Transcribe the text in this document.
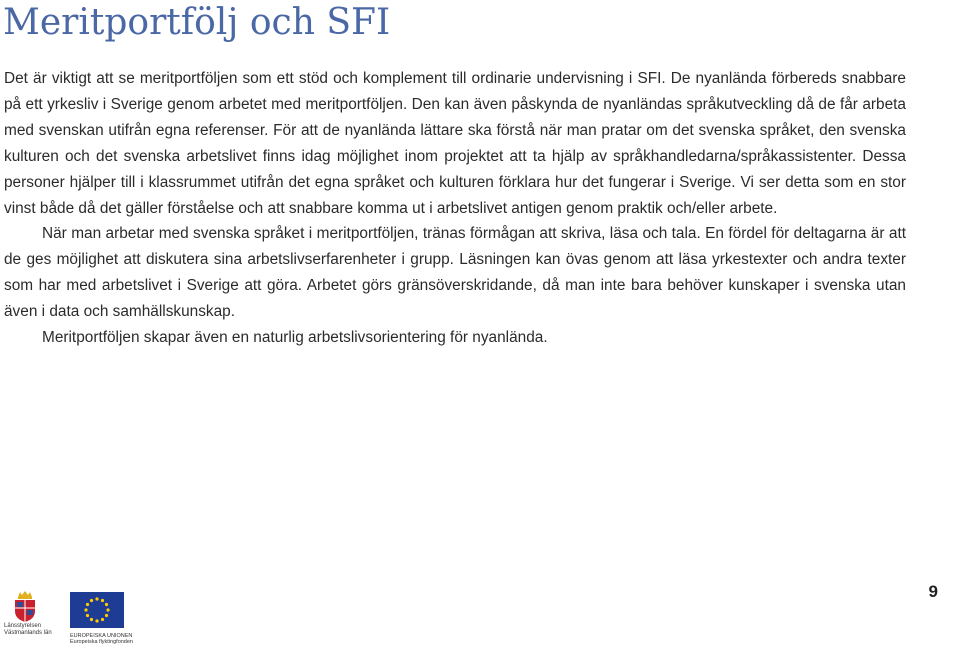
Meritportfölj och SFI

Det är viktigt att se meritportföljen som ett stöd och komplement till ordinarie undervisning i SFI. De nyanlända förbereds snabbare på ett yrkesliv i Sverige genom arbetet med meritportföljen. Den kan även påskynda de nyanländas språkutveckling då de får arbeta med svenskan utifrån egna referenser. För att de nyanlända lättare ska förstå när man pratar om det svenska språket, den svenska kulturen och det svenska arbetslivet finns idag möjlighet inom projektet att ta hjälp av språkhandledarna/språkassistenter. Dessa personer hjälper till i klassrummet utifrån det egna språket och kulturen förklara hur det fungerar i Sverige. Vi ser detta som en stor vinst både då det gäller förståelse och att snabbare komma ut i arbetslivet antigen genom praktik och/eller arbete.

När man arbetar med svenska språket i meritportföljen, tränas förmågan att skriva, läsa och tala. En fördel för deltagarna är att de ges möjlighet att diskutera sina arbetslivserfarenheter i grupp. Läsningen kan övas genom att läsa yrkestexter och andra texter som har med arbetslivet i Sverige att göra. Arbetet görs gränsöverskridande, då man inte bara behöver kunskaper i svenska utan även i data och samhällskunskap.

Meritportföljen skapar även en naturlig arbetslivsorientering för nyanlända.

9
Länsstyrelsen
Västmanlands län	EUROPEISKA UNIONEN
Europeiska flyktingfonden
